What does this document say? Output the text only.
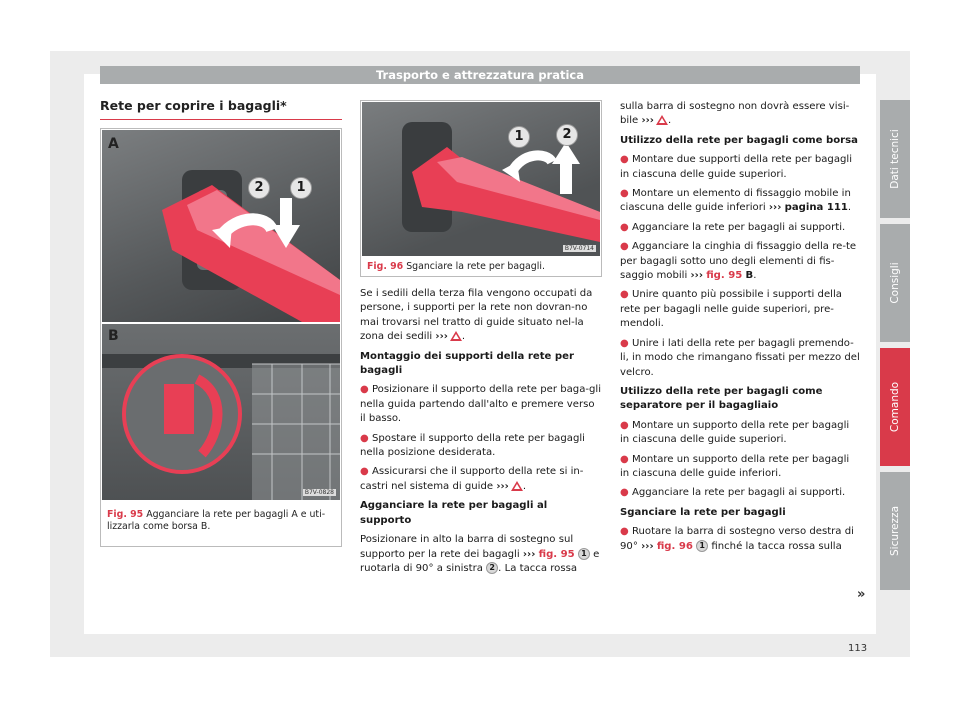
Trasporto e attrezzatura pratica
Rete per coprire i bagagli*
A
2	1
B
B7V-0828
Fig. 95 Agganciare la rete per bagagli A e uti-lizzarla come borsa B.
1	2
B7V-0714
Fig. 96 Sganciare la rete per bagagli.

Se i sedili della terza fila vengono occupati da persone, i supporti per la rete non dovran-no mai trovarsi nel tratto di guide situato nel-la zona dei sedili ››› .

Montaggio dei supporti della rete per bagagli

● Posizionare il supporto della rete per baga-gli nella guida partendo dall'alto e premere verso il basso.

● Spostare il supporto della rete per bagagli nella posizione desiderata.

● Assicurarsi che il supporto della rete si in-castri nel sistema di guide ››› .

Agganciare la rete per bagagli al supporto

Posizionare in alto la barra di sostegno sul supporto per la rete dei bagagli ››› fig. 95 1 e ruotarla di 90° a sinistra 2 . La tacca rossa

sulla barra di sostegno non dovrà essere visi-bile ››› .

Utilizzo della rete per bagagli come borsa

● Montare due supporti della rete per bagagli in ciascuna delle guide superiori.

● Montare un elemento di fissaggio mobile in ciascuna delle guide inferiori ››› pagina 111.

● Agganciare la rete per bagagli ai supporti.

● Agganciare la cinghia di fissaggio della re-te per bagagli sotto uno degli elementi di fis-saggio mobili ››› fig. 95 B.

● Unire quanto più possibile i supporti della rete per bagagli nelle guide superiori, pre-mendoli.

● Unire i lati della rete per bagagli premendo-li, in modo che rimangano fissati per mezzo del velcro.

Utilizzo della rete per bagagli come separatore per il bagagliaio

● Montare un supporto della rete per bagagli in ciascuna delle guide superiori.

● Montare un supporto della rete per bagagli in ciascuna delle guide inferiori.

● Agganciare la rete per bagagli ai supporti.

Sganciare la rete per bagagli

● Ruotare la barra di sostegno verso destra di 90° ››› fig. 96 1 finché la tacca rossa sulla

»
Dati tecnici
Consigli
Comando
Sicurezza
113
